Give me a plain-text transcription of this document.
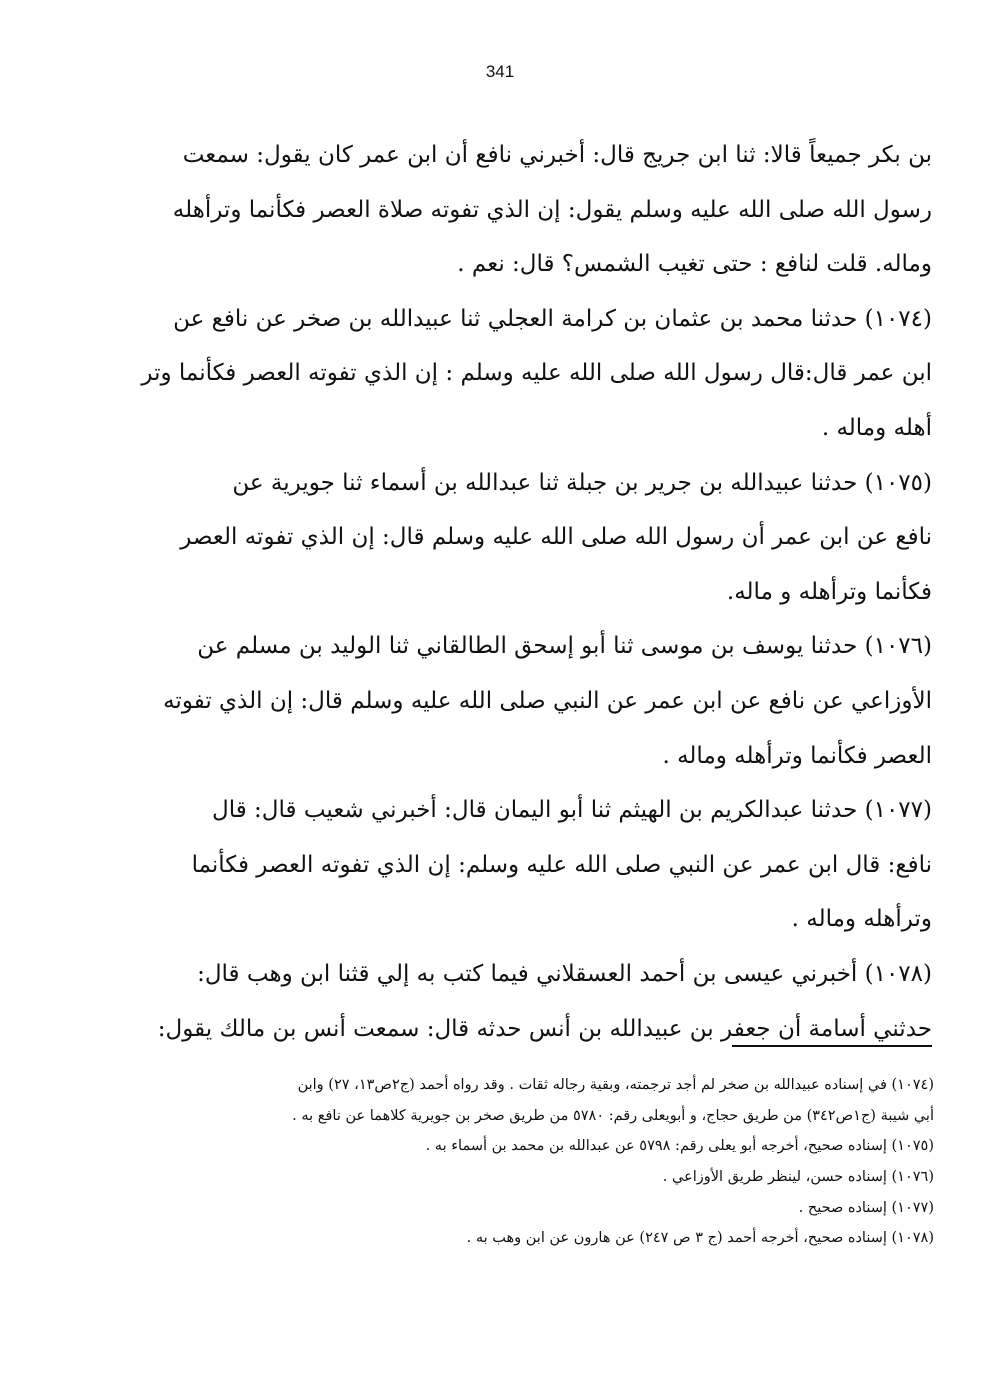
341
بن بكر جميعاً قالا: ثنا ابن جريج قال: أخبرني نافع أن ابن عمر كان يقول: سمعت
رسول الله صلى الله عليه وسلم يقول: إن الذي تفوته صلاة العصر فكأنما وترأهله
وماله. قلت لنافع : حتى تغيب الشمس؟ قال: نعم .
(١٠٧٤) حدثنا محمد بن عثمان بن كرامة العجلي ثنا عبيدالله بن صخر عن نافع عن
ابن عمر قال:قال رسول الله صلى الله عليه وسلم : إن الذي تفوته العصر فكأنما وتر
أهله وماله .
(١٠٧٥) حدثنا عبيدالله بن جرير بن جبلة ثنا عبدالله بن أسماء ثنا جويرية عن
نافع عن ابن عمر أن رسول الله صلى الله عليه وسلم قال: إن الذي تفوته العصر
فكأنما وترأهله و ماله.
(١٠٧٦) حدثنا يوسف بن موسى ثنا أبو إسحق الطالقاني ثنا الوليد بن مسلم عن
الأوزاعي عن نافع عن ابن عمر عن النبي صلى الله عليه وسلم قال: إن الذي تفوته
العصر فكأنما وترأهله وماله .
(١٠٧٧) حدثنا عبدالكريم بن الهيثم ثنا أبو اليمان قال: أخبرني شعيب قال: قال
نافع: قال ابن عمر عن النبي صلى الله عليه وسلم: إن الذي تفوته العصر فكأنما
وترأهله وماله .
(١٠٧٨) أخبرني عيسى بن أحمد العسقلاني فيما كتب به إلي قثنا ابن وهب قال:
حدثني أسامة أن جعفر بن عبيدالله بن أنس حدثه قال: سمعت أنس بن مالك يقول:
(١٠٧٤) في إسناده عبيدالله بن صخر لم أجد ترجمته، وبقية رجاله ثقات . وقد رواه أحمد (ج٢ص١٣، ٢٧) وابن
أبي شيبة (ج١ص٣٤٢) من طريق حجاج، و أبويعلى رقم: ٥٧٨٠ من طريق صخر بن جويرية كلاهما عن نافع به .
(١٠٧٥) إسناده صحيح، أخرجه أبو يعلى رقم: ٥٧٩٨ عن عبدالله بن محمد بن أسماء به .
(١٠٧٦) إسناده حسن، لينظر طريق الأوزاعي .
(١٠٧٧) إسناده صحيح .
(١٠٧٨) إسناده صحيح، أخرجه أحمد (ج ٣ ص ٢٤٧) عن هارون عن ابن وهب به .
